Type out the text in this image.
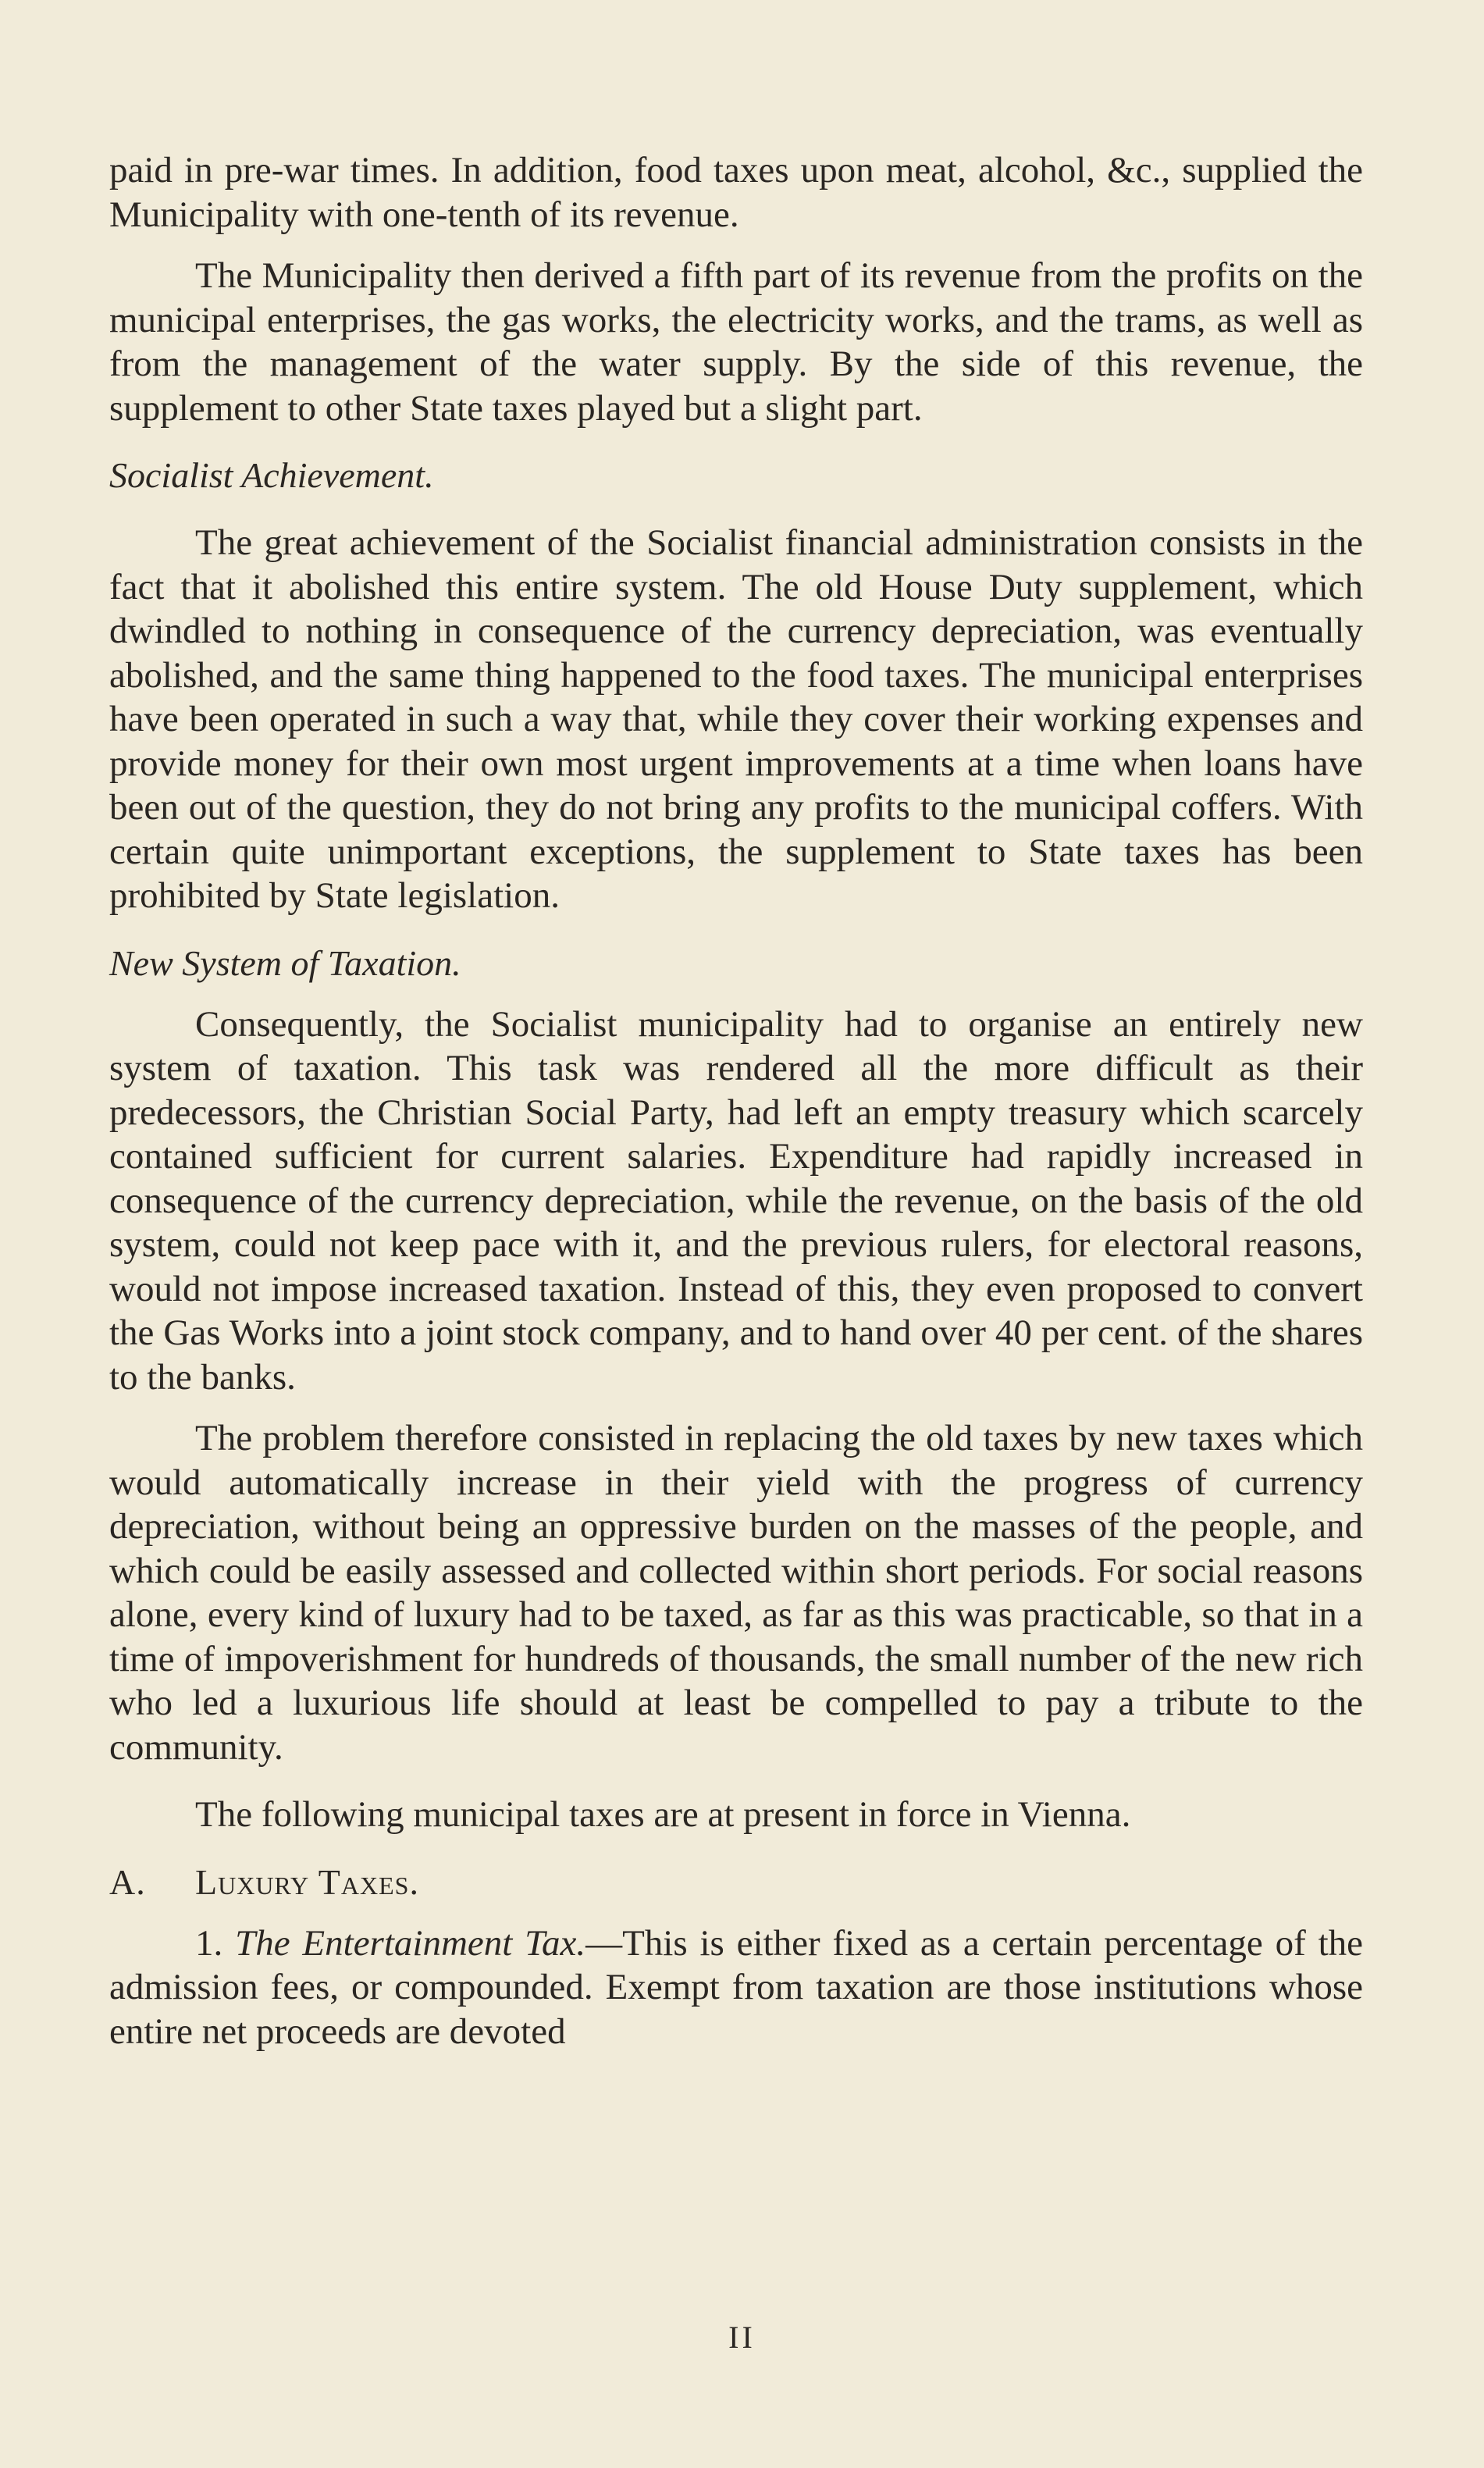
paid in pre-war times. In addition, food taxes upon meat, alcohol, &c., supplied the Municipality with one-tenth of its revenue.

The Municipality then derived a fifth part of its revenue from the profits on the municipal enterprises, the gas works, the electricity works, and the trams, as well as from the management of the water supply. By the side of this revenue, the supplement to other State taxes played but a slight part.

Socialist Achievement.

The great achievement of the Socialist financial administration consists in the fact that it abolished this entire system. The old House Duty supplement, which dwindled to nothing in consequence of the currency depreciation, was eventually abolished, and the same thing happened to the food taxes. The municipal enterprises have been operated in such a way that, while they cover their working expenses and provide money for their own most urgent improvements at a time when loans have been out of the question, they do not bring any profits to the municipal coffers. With certain quite unimportant exceptions, the supplement to State taxes has been prohibited by State legislation.

New System of Taxation.

Consequently, the Socialist municipality had to organise an entirely new system of taxation. This task was rendered all the more difficult as their predecessors, the Christian Social Party, had left an empty treasury which scarcely contained sufficient for current salaries. Expenditure had rapidly increased in consequence of the currency depreciation, while the revenue, on the basis of the old system, could not keep pace with it, and the previous rulers, for electoral reasons, would not impose increased taxation. Instead of this, they even proposed to convert the Gas Works into a joint stock company, and to hand over 40 per cent. of the shares to the banks.

The problem therefore consisted in replacing the old taxes by new taxes which would automatically increase in their yield with the progress of currency depreciation, without being an oppressive burden on the masses of the people, and which could be easily assessed and collected within short periods. For social reasons alone, every kind of luxury had to be taxed, as far as this was practicable, so that in a time of impoverishment for hundreds of thousands, the small number of the new rich who led a luxurious life should at least be compelled to pay a tribute to the community.

The following municipal taxes are at present in force in Vienna.

A. Luxury Taxes.

1. The Entertainment Tax.—This is either fixed as a certain percentage of the admission fees, or compounded. Exempt from taxation are those institutions whose entire net proceeds are devoted

II
